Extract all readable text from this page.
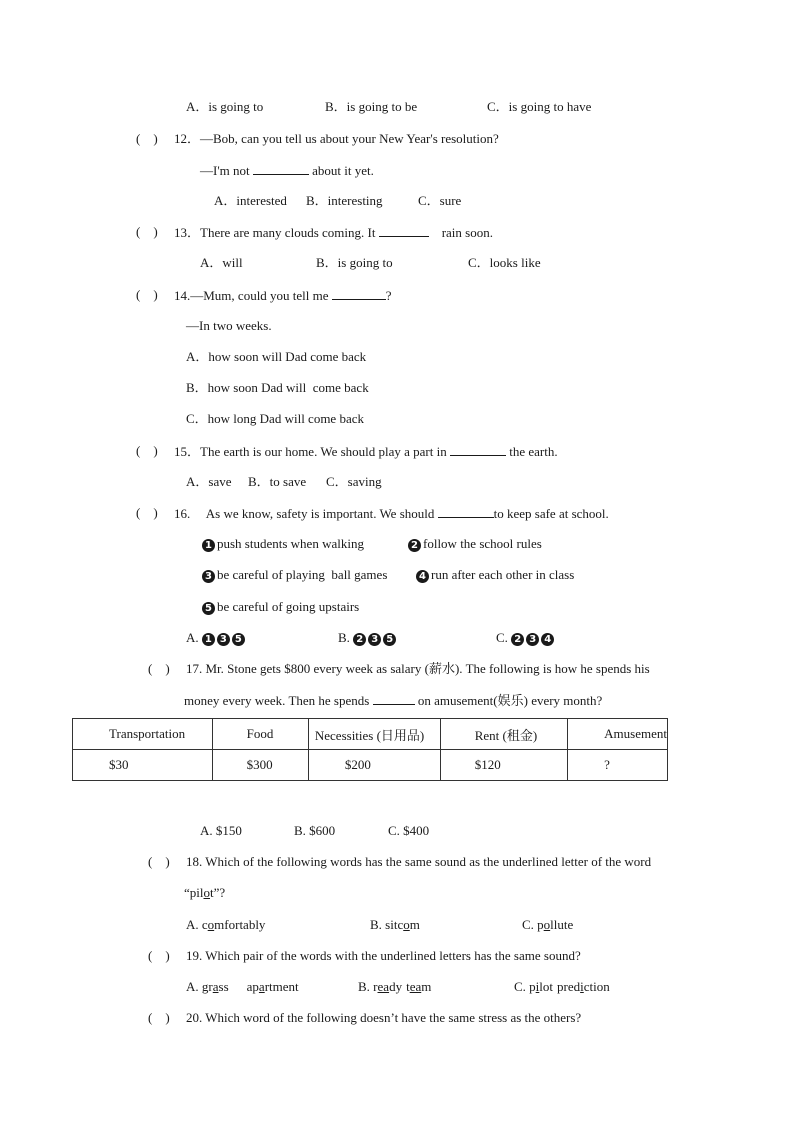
A．is going to	B．is going to be	C．is going to have
(    ) 12．—Bob, can you tell us about your New Year's resolution?
—I'm not	about it yet.
A．interested B．interesting	C．sure
(    ) 13．There are many clouds coming. It	rain soon.
A．will	B．is going to	C．looks like
(    ) 14.—Mum, could you tell me	?
—In two weeks.
A．how soon will Dad come back
B．how soon Dad will  come back
C．how long Dad will come back
(    ) 15．The earth is our home. We should play a part in	the earth.
A．save B．to save C．saving
(    ) 16.     As we know, safety is important. We should	to keep safe at school.
1 push students when walking	2 follow the school rules
3 be careful of playing  ball games	4 run after each other in class
5 be careful of going upstairs
A. 1 3 5	B. 2 3 5	C. 2 3 4
(    ) 17. Mr. Stone gets $800 every week as salary (薪水). The following is how he spends his
money every week. Then he spends	on amusement(娱乐) every month?
Transportation	Food	Necessities (日用品)	Rent (租金)	Amusement
$30	$300	$200	$120	?
A. $150	B. $600	C. $400
(    ) 18. Which of the following words has the same sound as the underlined letter of the word
“pilot”?
A. comfortably	B. sitcom	C. pollute
(    ) 19. Which pair of the words with the underlined letters has the same sound?
A. grass apartment	B. ready team	C. pilot prediction
(    ) 20. Which word of the following doesn’t have the same stress as the others?
